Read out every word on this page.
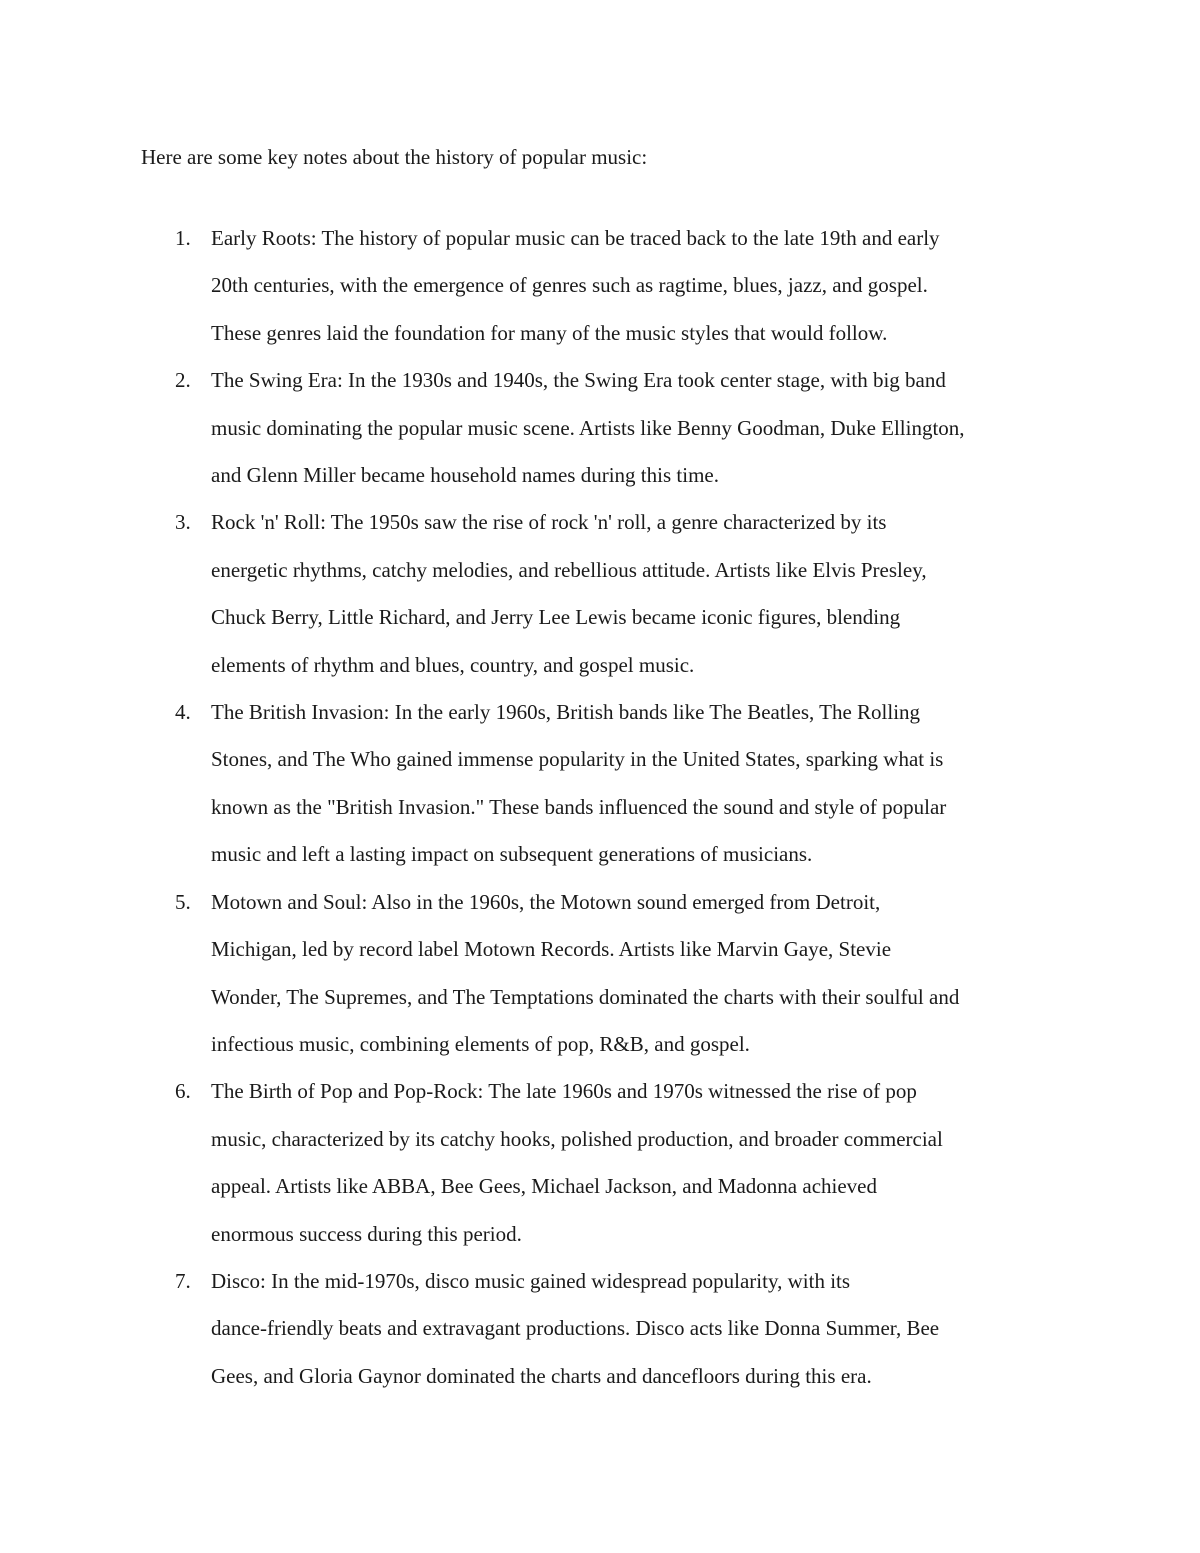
Here are some key notes about the history of popular music:

1. Early Roots: The history of popular music can be traced back to the late 19th and early
20th centuries, with the emergence of genres such as ragtime, blues, jazz, and gospel.
These genres laid the foundation for many of the music styles that would follow.

2. The Swing Era: In the 1930s and 1940s, the Swing Era took center stage, with big band
music dominating the popular music scene. Artists like Benny Goodman, Duke Ellington,
and Glenn Miller became household names during this time.

3. Rock 'n' Roll: The 1950s saw the rise of rock 'n' roll, a genre characterized by its
energetic rhythms, catchy melodies, and rebellious attitude. Artists like Elvis Presley,
Chuck Berry, Little Richard, and Jerry Lee Lewis became iconic figures, blending
elements of rhythm and blues, country, and gospel music.

4. The British Invasion: In the early 1960s, British bands like The Beatles, The Rolling
Stones, and The Who gained immense popularity in the United States, sparking what is
known as the "British Invasion." These bands influenced the sound and style of popular
music and left a lasting impact on subsequent generations of musicians.

5. Motown and Soul: Also in the 1960s, the Motown sound emerged from Detroit,
Michigan, led by record label Motown Records. Artists like Marvin Gaye, Stevie
Wonder, The Supremes, and The Temptations dominated the charts with their soulful and
infectious music, combining elements of pop, R&B, and gospel.

6. The Birth of Pop and Pop-Rock: The late 1960s and 1970s witnessed the rise of pop
music, characterized by its catchy hooks, polished production, and broader commercial
appeal. Artists like ABBA, Bee Gees, Michael Jackson, and Madonna achieved
enormous success during this period.

7. Disco: In the mid-1970s, disco music gained widespread popularity, with its
dance-friendly beats and extravagant productions. Disco acts like Donna Summer, Bee
Gees, and Gloria Gaynor dominated the charts and dancefloors during this era.
